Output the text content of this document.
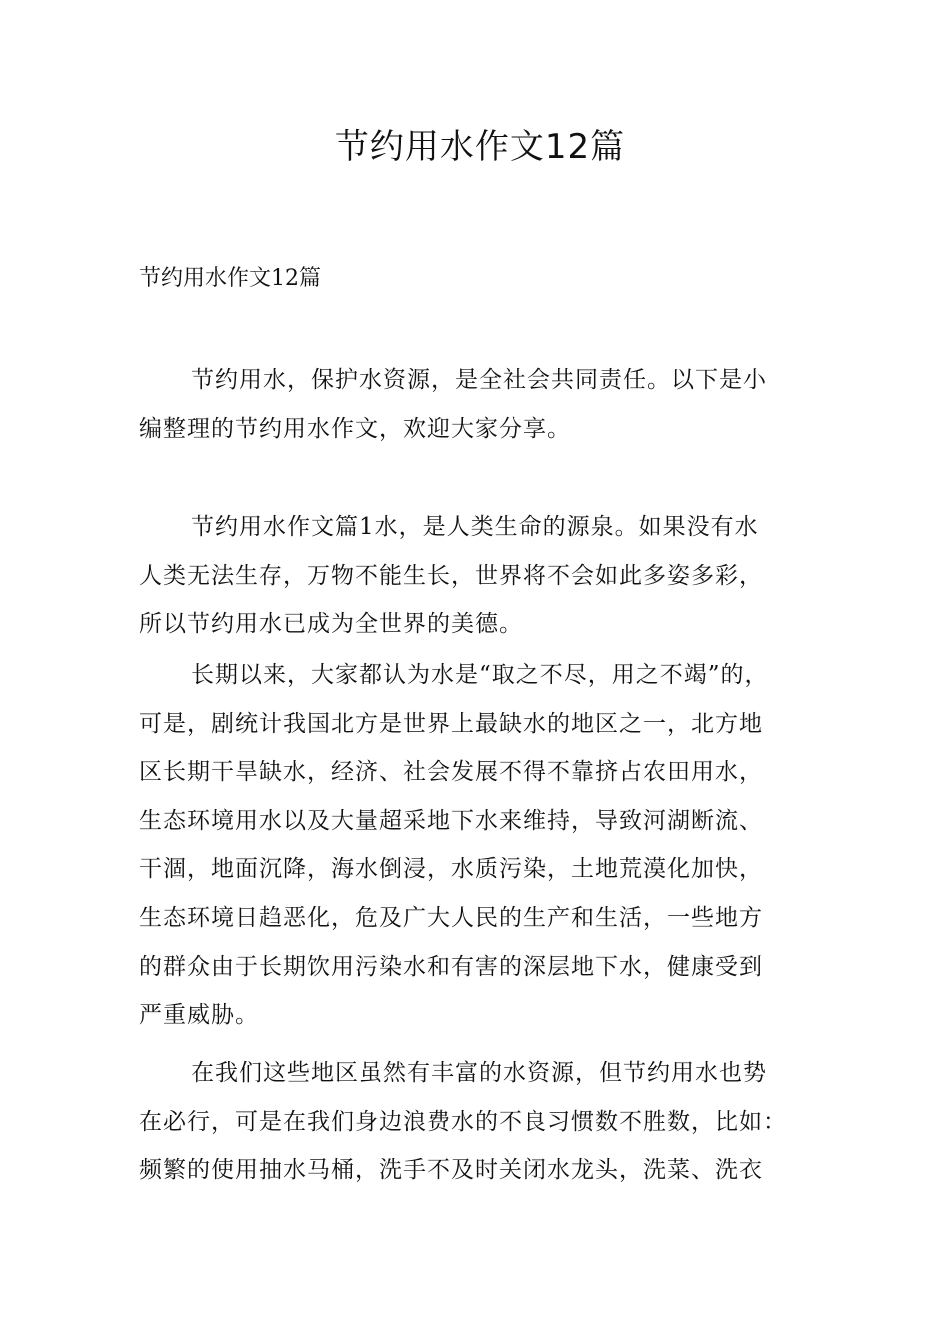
节约用水作文12篇
节约用水作文12篇
节约用水，保护水资源，是全社会共同责任。以下是小
编整理的节约用水作文，欢迎大家分享。
节约用水作文篇1水，是人类生命的源泉。如果没有水
人类无法生存，万物不能生长，世界将不会如此多姿多彩，
所以节约用水已成为全世界的美德。
长期以来，大家都认为水是“取之不尽，用之不竭”的，
可是，剧统计我国北方是世界上最缺水的地区之一，北方地
区长期干旱缺水，经济、社会发展不得不靠挤占农田用水，
生态环境用水以及大量超采地下水来维持，导致河湖断流、
干涸，地面沉降，海水倒浸，水质污染，土地荒漠化加快，
生态环境日趋恶化，危及广大人民的生产和生活，一些地方
的群众由于长期饮用污染水和有害的深层地下水，健康受到
严重威胁。
在我们这些地区虽然有丰富的水资源，但节约用水也势
在必行，可是在我们身边浪费水的不良习惯数不胜数，比如：
频繁的使用抽水马桶，洗手不及时关闭水龙头，洗菜、洗衣
